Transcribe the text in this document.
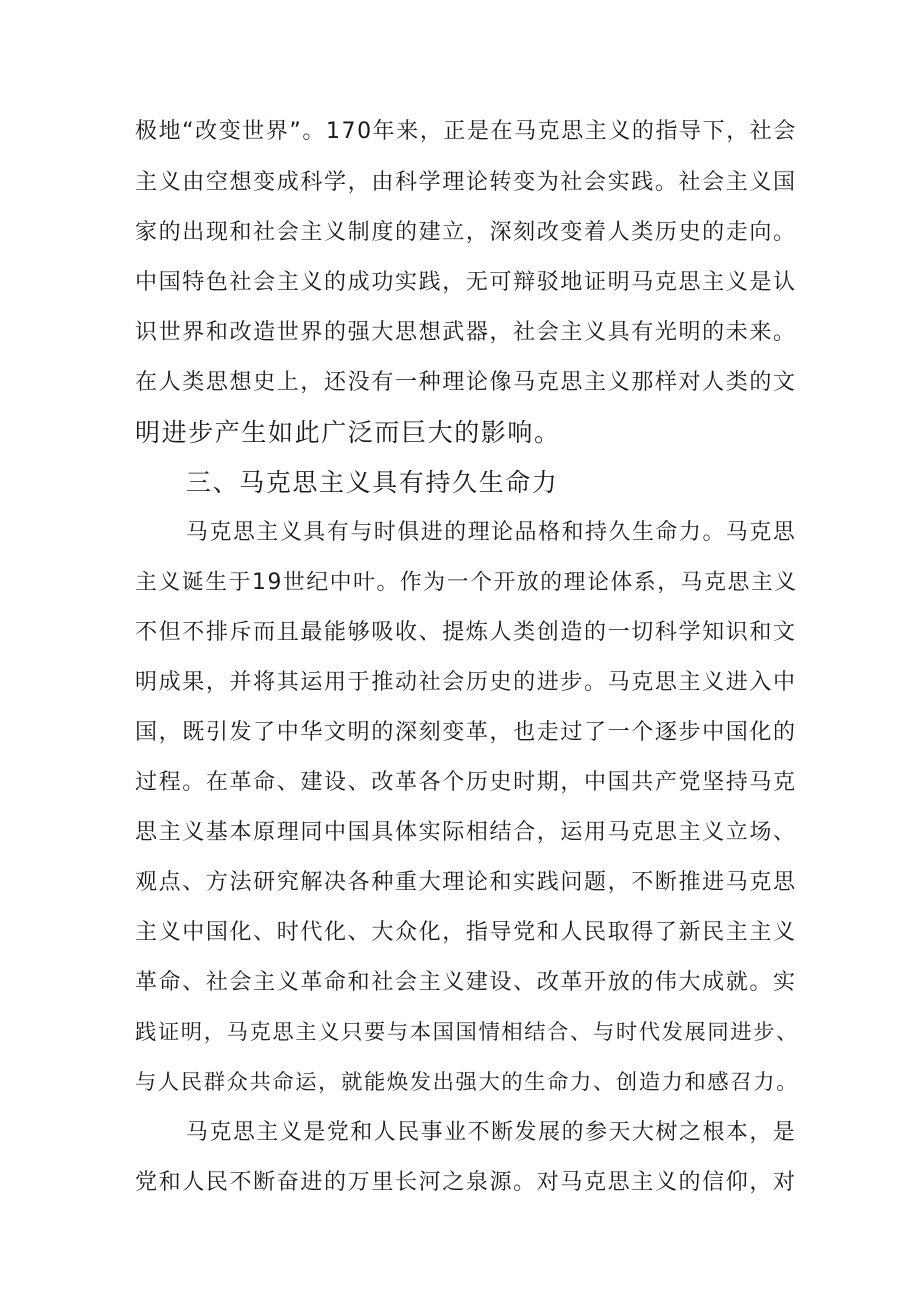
极地“改变世界”。170年来，正是在马克思主义的指导下，社会
主义由空想变成科学，由科学理论转变为社会实践。社会主义国
家的出现和社会主义制度的建立，深刻改变着人类历史的走向。
中国特色社会主义的成功实践，无可辩驳地证明马克思主义是认
识世界和改造世界的强大思想武器，社会主义具有光明的未来。
在人类思想史上，还没有一种理论像马克思主义那样对人类的文
明进步产生如此广泛而巨大的影响。
三、马克思主义具有持久生命力
马克思主义具有与时俱进的理论品格和持久生命力。马克思
主义诞生于19世纪中叶。作为一个开放的理论体系，马克思主义
不但不排斥而且最能够吸收、提炼人类创造的一切科学知识和文
明成果，并将其运用于推动社会历史的进步。马克思主义进入中
国，既引发了中华文明的深刻变革，也走过了一个逐步中国化的
过程。在革命、建设、改革各个历史时期，中国共产党坚持马克
思主义基本原理同中国具体实际相结合，运用马克思主义立场、
观点、方法研究解决各种重大理论和实践问题，不断推进马克思
主义中国化、时代化、大众化，指导党和人民取得了新民主主义
革命、社会主义革命和社会主义建设、改革开放的伟大成就。实
践证明，马克思主义只要与本国国情相结合、与时代发展同进步、
与人民群众共命运，就能焕发出强大的生命力、创造力和感召力。
马克思主义是党和人民事业不断发展的参天大树之根本，是
党和人民不断奋进的万里长河之泉源。对马克思主义的信仰，对
